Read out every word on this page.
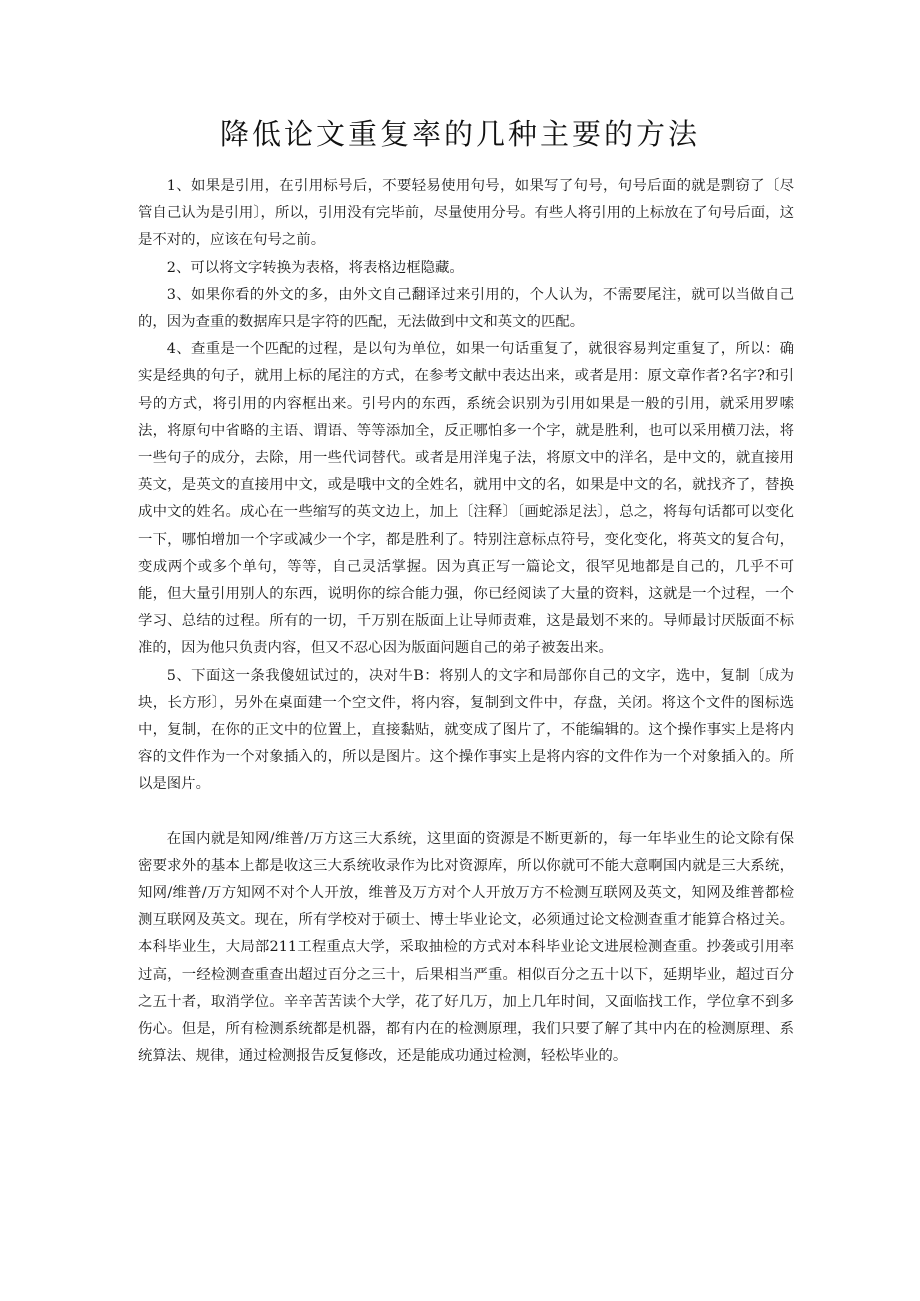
降低论文重复率的几种主要的方法

1、如果是引用，在引用标号后，不要轻易使用句号，如果写了句号，句号后面的就是剽窃了〔尽管自己认为是引用〕，所以，引用没有完毕前，尽量使用分号。有些人将引用的上标放在了句号后面，这是不对的，应该在句号之前。

2、可以将文字转换为表格，将表格边框隐藏。

3、如果你看的外文的多，由外文自己翻译过来引用的，个人认为，不需要尾注，就可以当做自己的，因为查重的数据库只是字符的匹配，无法做到中文和英文的匹配。

4、查重是一个匹配的过程，是以句为单位，如果一句话重复了，就很容易判定重复了，所以：确实是经典的句子，就用上标的尾注的方式，在参考文献中表达出来，或者是用：原文章作者?名字?和引号的方式，将引用的内容框出来。引号内的东西，系统会识别为引用如果是一般的引用，就采用罗嗦法，将原句中省略的主语、谓语、等等添加全，反正哪怕多一个字，就是胜利，也可以采用横刀法，将一些句子的成分，去除，用一些代词替代。或者是用洋鬼子法，将原文中的洋名，是中文的，就直接用英文，是英文的直接用中文，或是哦中文的全姓名，就用中文的名，如果是中文的名，就找齐了，替换成中文的姓名。成心在一些缩写的英文边上，加上〔注释〕〔画蛇添足法〕，总之，将每句话都可以变化一下，哪怕增加一个字或减少一个字，都是胜利了。特别注意标点符号，变化变化，将英文的复合句，变成两个或多个单句，等等，自己灵活掌握。因为真正写一篇论文，很罕见地都是自己的，几乎不可能，但大量引用别人的东西，说明你的综合能力强，你已经阅读了大量的资料，这就是一个过程，一个学习、总结的过程。所有的一切，千万别在版面上让导师责难，这是最划不来的。导师最讨厌版面不标准的，因为他只负责内容，但又不忍心因为版面问题自己的弟子被轰出来。

5、下面这一条我傻妞试过的，决对牛B：将别人的文字和局部你自己的文字，选中，复制〔成为块，长方形〕，另外在桌面建一个空文件，将内容，复制到文件中，存盘，关闭。将这个文件的图标选中，复制，在你的正文中的位置上，直接黏贴，就变成了图片了，不能编辑的。这个操作事实上是将内容的文件作为一个对象插入的，所以是图片。这个操作事实上是将内容的文件作为一个对象插入的。所以是图片。

在国内就是知网/维普/万方这三大系统，这里面的资源是不断更新的，每一年毕业生的论文除有保密要求外的基本上都是收这三大系统收录作为比对资源库，所以你就可不能大意啊国内就是三大系统，知网/维普/万方知网不对个人开放，维普及万方对个人开放万方不检测互联网及英文，知网及维普都检测互联网及英文。现在，所有学校对于硕士、博士毕业论文，必须通过论文检测查重才能算合格过关。本科毕业生，大局部211工程重点大学，采取抽检的方式对本科毕业论文进展检测查重。抄袭或引用率过高，一经检测查重查出超过百分之三十，后果相当严重。相似百分之五十以下，延期毕业，超过百分之五十者，取消学位。辛辛苦苦读个大学，花了好几万，加上几年时间，又面临找工作，学位拿不到多伤心。但是，所有检测系统都是机器，都有内在的检测原理，我们只要了解了其中内在的检测原理、系统算法、规律，通过检测报告反复修改，还是能成功通过检测，轻松毕业的。
